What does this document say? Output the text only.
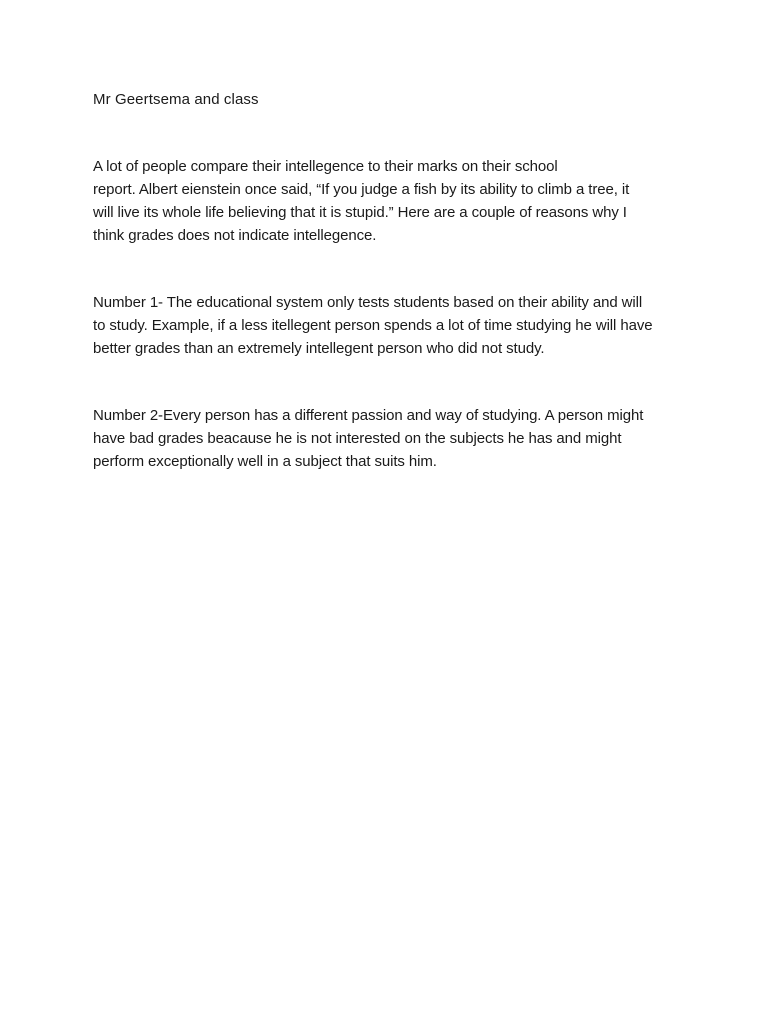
Mr Geertsema and class

A lot of people compare their intellegence to their marks on their school
report. Albert eienstein once said, “If you judge a fish by its ability to climb a tree, it
will live its whole life believing that it is stupid.” Here are a couple of reasons why I
think grades does not indicate intellegence.

Number 1- The educational system only tests students based on their ability and will
to study. Example, if a less itellegent person spends a lot of time studying he will have
better grades than an extremely intellegent person who did not study.

Number 2-Every person has a different passion and way of studying. A person might
have bad grades beacause he is not interested on the subjects he has and might
perform exceptionally well in a subject that suits him.
